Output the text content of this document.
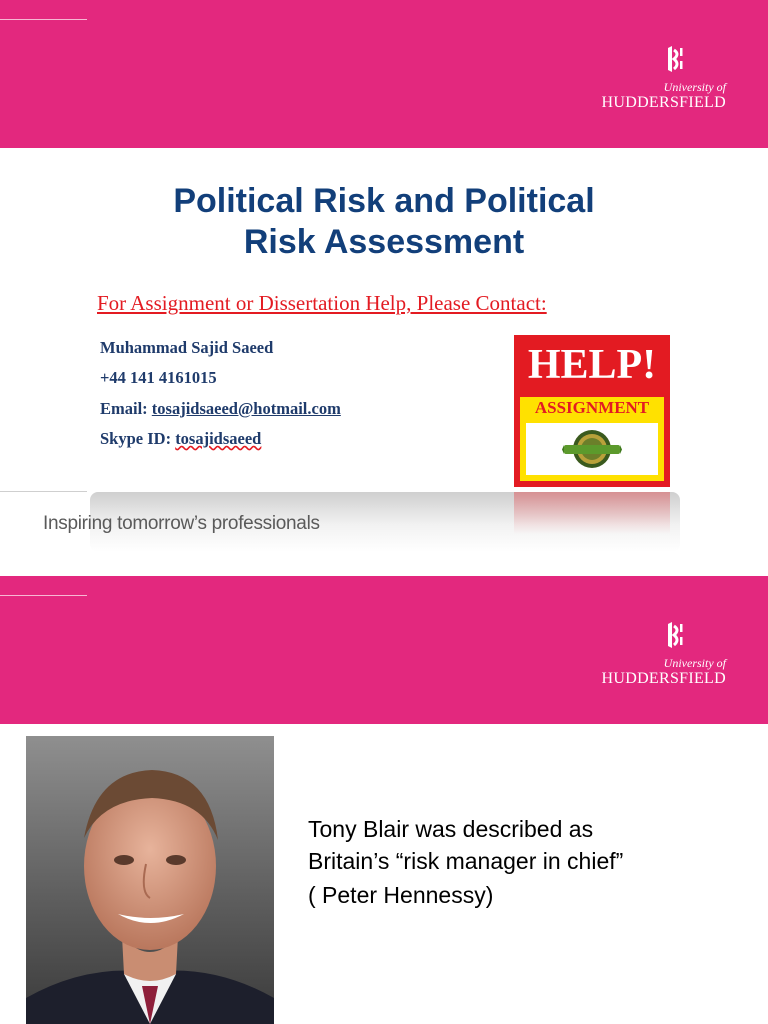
University of
HUDDERSFIELD
Political Risk and Political
Risk Assessment
For Assignment or Dissertation Help, Please Contact:
Muhammad Sajid Saeed
+44 141 4161015
Email: tosajidsaeed@hotmail.com
Skype ID: tosajidsaeed
HELP!
ASSIGNMENT
Inspiring tomorrow’s professionals
University of
HUDDERSFIELD
Tony Blair was described as
Britain’s “risk manager in chief”
( Peter Hennessy)
